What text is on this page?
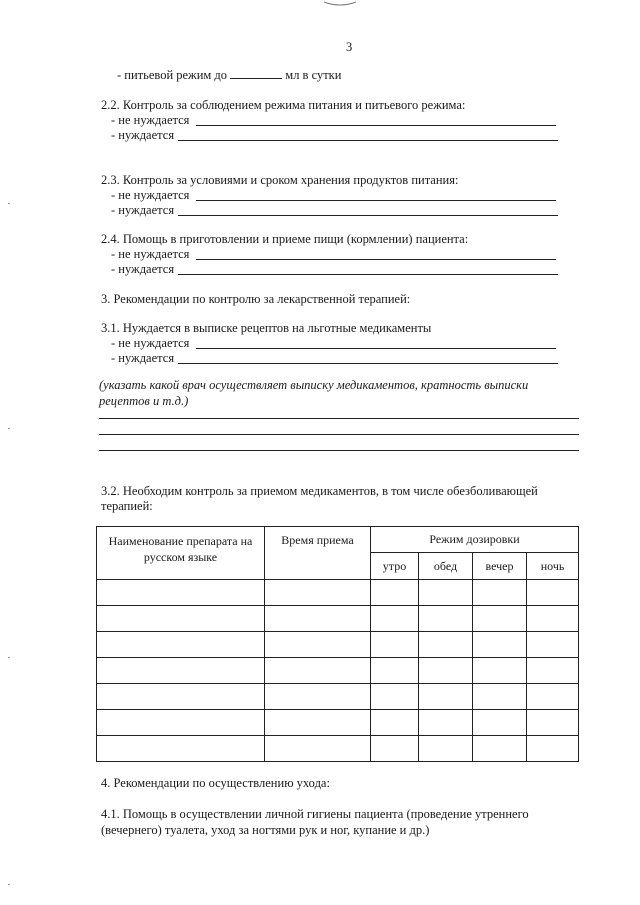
3
- питьевой режим до	мл в сутки
2.2. Контроль за соблюдением режима питания и питьевого режима:
- не нуждается
- нуждается
2.3. Контроль за условиями и сроком хранения продуктов питания:
- не нуждается
- нуждается
2.4. Помощь в приготовлении и приеме пищи (кормлении) пациента:
- не нуждается
- нуждается
3. Рекомендации по контролю за лекарственной терапией:
3.1. Нуждается в выписке рецептов на льготные медикаменты
- не нуждается
- нуждается
(указать какой врач осуществляет выписку медикаментов, кратность выписки
рецептов и т.д.)
3.2. Необходим контроль за приемом медикаментов, в том числе обезболивающей
терапией:
Наименование препарата на русском языке	Время приема	Режим дозировки			
		утро	обед	вечер	ночь

4. Рекомендации по осуществлению ухода:
4.1. Помощь в осуществлении личной гигиены пациента (проведение утреннего
(вечернего) туалета, уход за ногтями рук и ног, купание и др.)
